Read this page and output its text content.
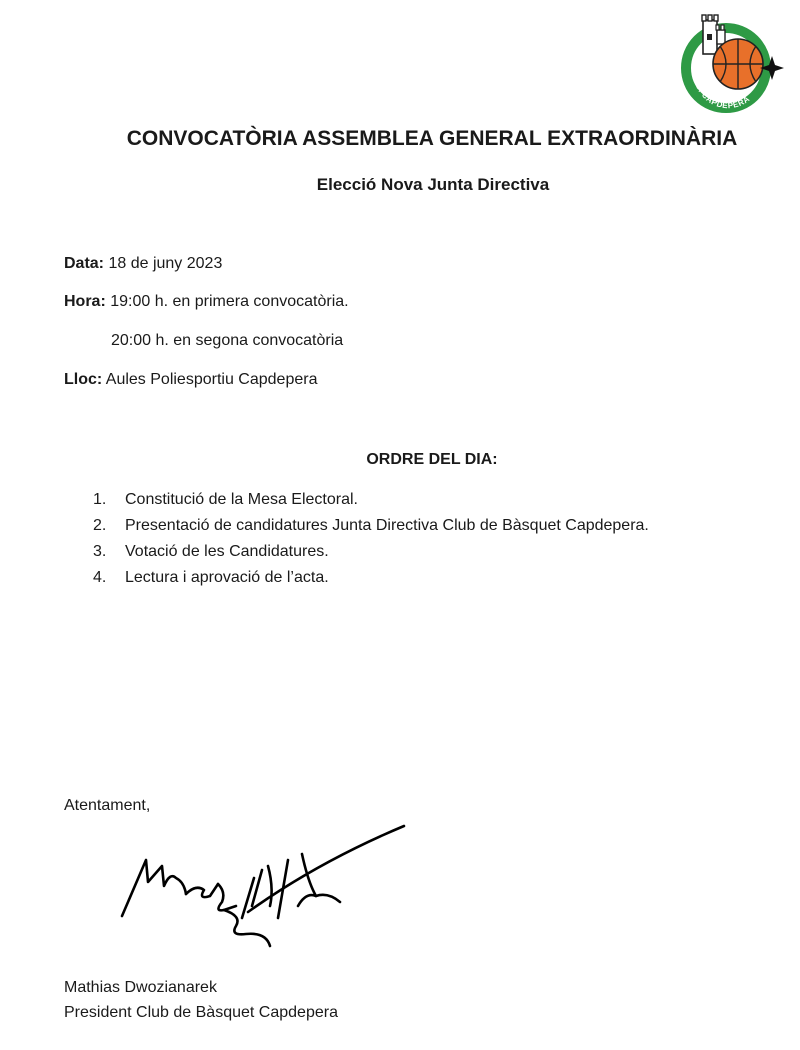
C.B. CAPDEPERA
CONVOCATÒRIA ASSEMBLEA GENERAL EXTRAORDINÀRIA
Elecció Nova Junta Directiva
Data: 18 de juny 2023
Hora: 19:00 h. en primera convocatòria.
20:00 h. en segona convocatòria
Lloc: Aules Poliesportiu Capdepera
ORDRE DEL DIA:
1.	Constitució de la Mesa Electoral.
2.	Presentació de candidatures Junta Directiva Club de Bàsquet Capdepera.
3.	Votació de les Candidatures.
4.	Lectura i aprovació de l’acta.
Atentament,
Mathias Dwozianarek
President Club de Bàsquet Capdepera
